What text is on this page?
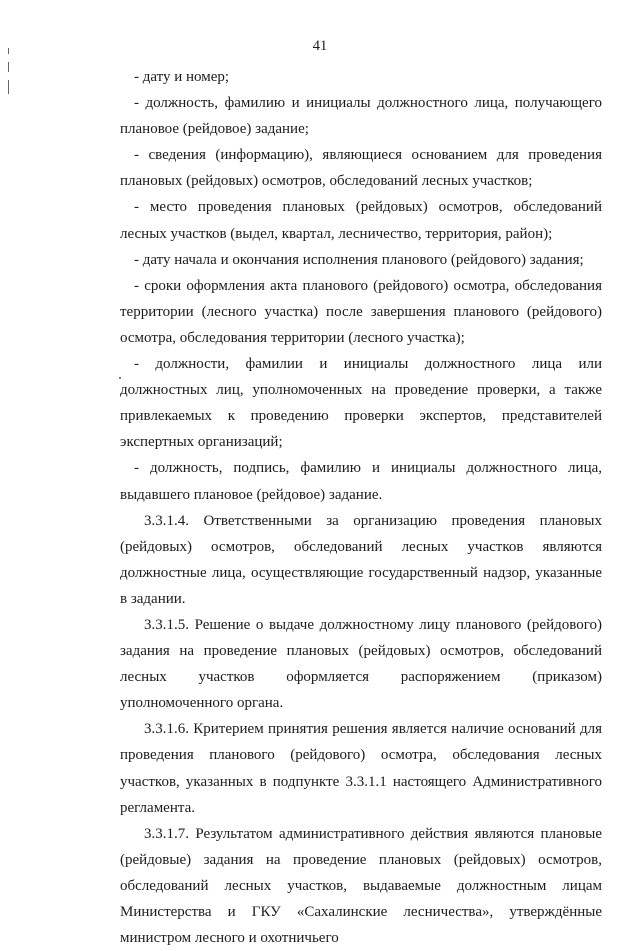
41

- дату и номер;

- должность, фамилию и инициалы должностного лица, получающего плановое (рейдовое) задание;

- сведения (информацию), являющиеся основанием для проведения плановых (рейдовых) осмотров, обследований лесных участков;

- место проведения плановых (рейдовых) осмотров, обследований лесных участков (выдел, квартал, лесничество, территория, район);

- дату начала и окончания исполнения планового (рейдового) задания;

- сроки оформления акта планового (рейдового) осмотра, обследования территории (лесного участка) после завершения планового (рейдового) осмотра, обследования территории (лесного участка);

- должности, фамилии и инициалы должностного лица или должностных лиц, уполномоченных на проведение проверки, а также привлекаемых к проведению проверки экспертов, представителей экспертных организаций;

- должность, подпись, фамилию и инициалы должностного лица, выдавшего плановое (рейдовое) задание.

3.3.1.4. Ответственными за организацию проведения плановых (рейдовых) осмотров, обследований лесных участков являются должностные лица, осуществляющие государственный надзор, указанные в задании.

3.3.1.5. Решение о выдаче должностному лицу планового (рейдового) задания на проведение плановых (рейдовых) осмотров, обследований лесных участков оформляется распоряжением (приказом) уполномоченного органа.

3.3.1.6. Критерием принятия решения является наличие оснований для проведения планового (рейдового) осмотра, обследования лесных участков, указанных в подпункте 3.3.1.1 настоящего Административного регламента.

3.3.1.7. Результатом административного действия являются плановые (рейдовые) задания на проведение плановых (рейдовых) осмотров, обследований лесных участков, выдаваемые должностным лицам Министерства и ГКУ «Сахалинские лесничества», утверждённые министром лесного и охотничьего
